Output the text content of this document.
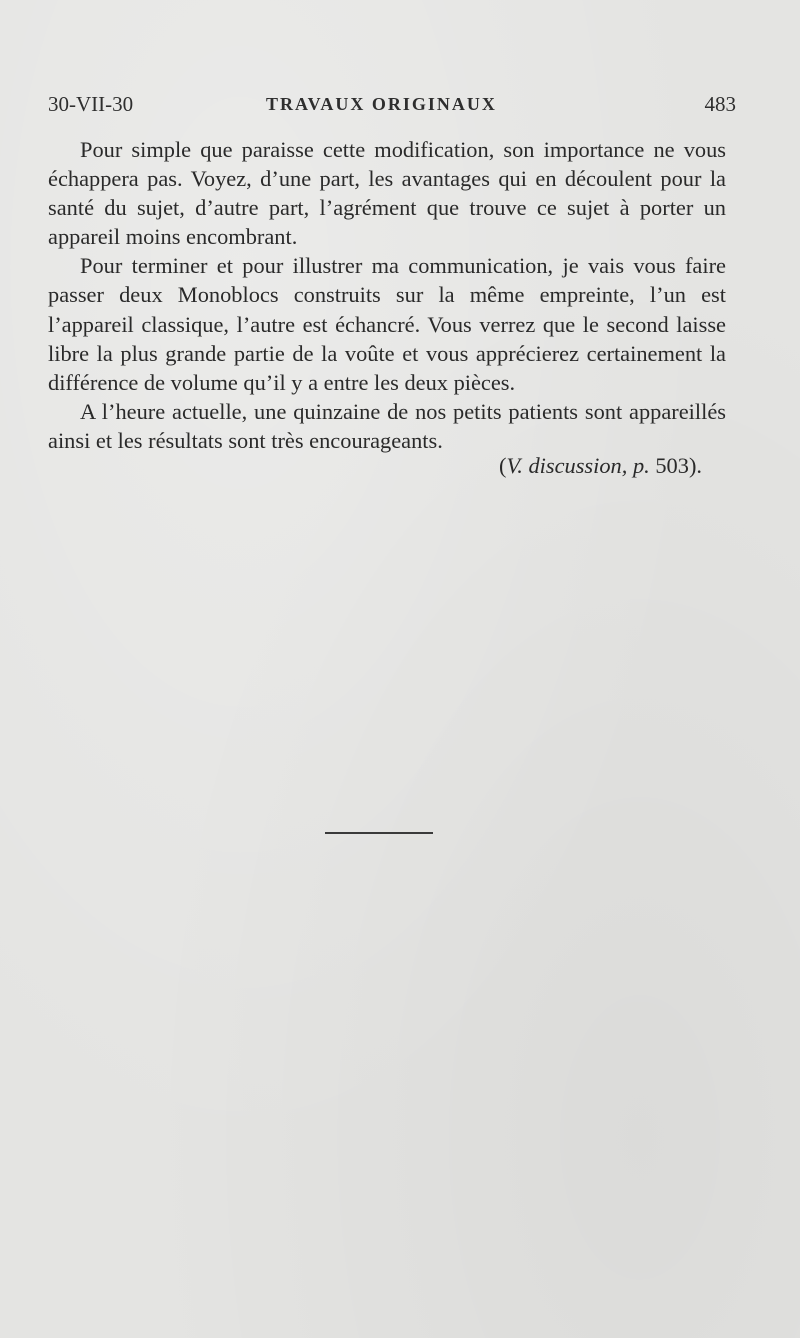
30-VII-30	TRAVAUX ORIGINAUX	483

Pour simple que paraisse cette modification, son importance ne vous échappera pas. Voyez, d’une part, les avantages qui en découlent pour la santé du sujet, d’autre part, l’agrément que trouve ce sujet à porter un appareil moins encombrant.

Pour terminer et pour illustrer ma communication, je vais vous faire passer deux Monoblocs construits sur la même empreinte, l’un est l’appareil classique, l’autre est échancré. Vous verrez que le second laisse libre la plus grande partie de la voûte et vous apprécierez certainement la différence de volume qu’il y a entre les deux pièces.

A l’heure actuelle, une quinzaine de nos petits patients sont appareillés ainsi et les résultats sont très encourageants.

(V. discussion, p. 503).
